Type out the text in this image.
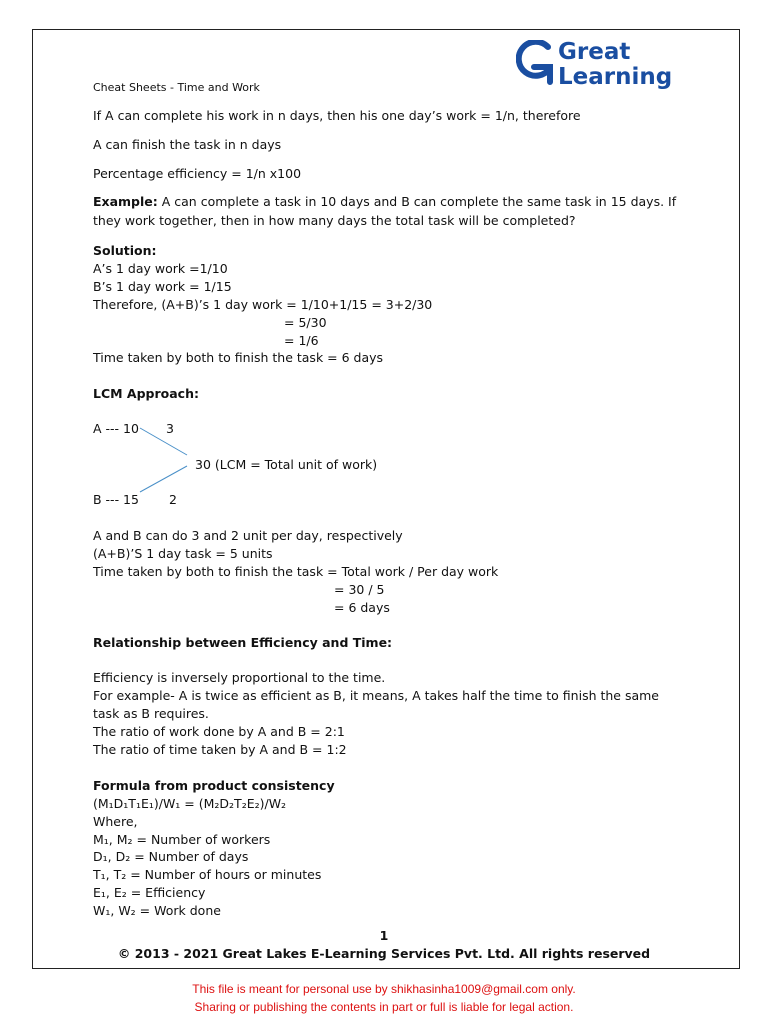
Great
Learning
Cheat Sheets - Time and Work
If A can complete his work in n days, then his one day’s work = 1/n, therefore
A can finish the task in n days
Percentage efficiency = 1/n x100
Example: A can complete a task in 10 days and B can complete the same task in 15 days. If
they work together, then in how many days the total task will be completed?
Solution:
A’s 1 day work =1/10
B’s 1 day work = 1/15
Therefore, (A+B)’s 1 day work = 1/10+1/15 = 3+2/30
= 5/30
= 1/6
Time taken by both to finish the task = 6 days
LCM Approach:
A --- 10 3
30 (LCM = Total unit of work)
B --- 15 2
A and B can do 3 and 2 unit per day, respectively
(A+B)’S 1 day task = 5 units
Time taken by both to finish the task = Total work / Per day work
= 30 / 5
= 6 days
Relationship between Efficiency and Time:
Efficiency is inversely proportional to the time.
For example- A is twice as efficient as B, it means, A takes half the time to finish the same
task as B requires.
The ratio of work done by A and B = 2:1
The ratio of time taken by A and B = 1:2
Formula from product consistency
(M₁D₁T₁E₁)/W₁ = (M₂D₂T₂E₂)/W₂
Where,
M₁, M₂ = Number of workers
D₁, D₂ = Number of days
T₁, T₂ = Number of hours or minutes
E₁, E₂ = Efficiency
W₁, W₂ = Work done
1
© 2013 - 2021 Great Lakes E-Learning Services Pvt. Ltd. All rights reserved
This file is meant for personal use by shikhasinha1009@gmail.com only.
Sharing or publishing the contents in part or full is liable for legal action.
